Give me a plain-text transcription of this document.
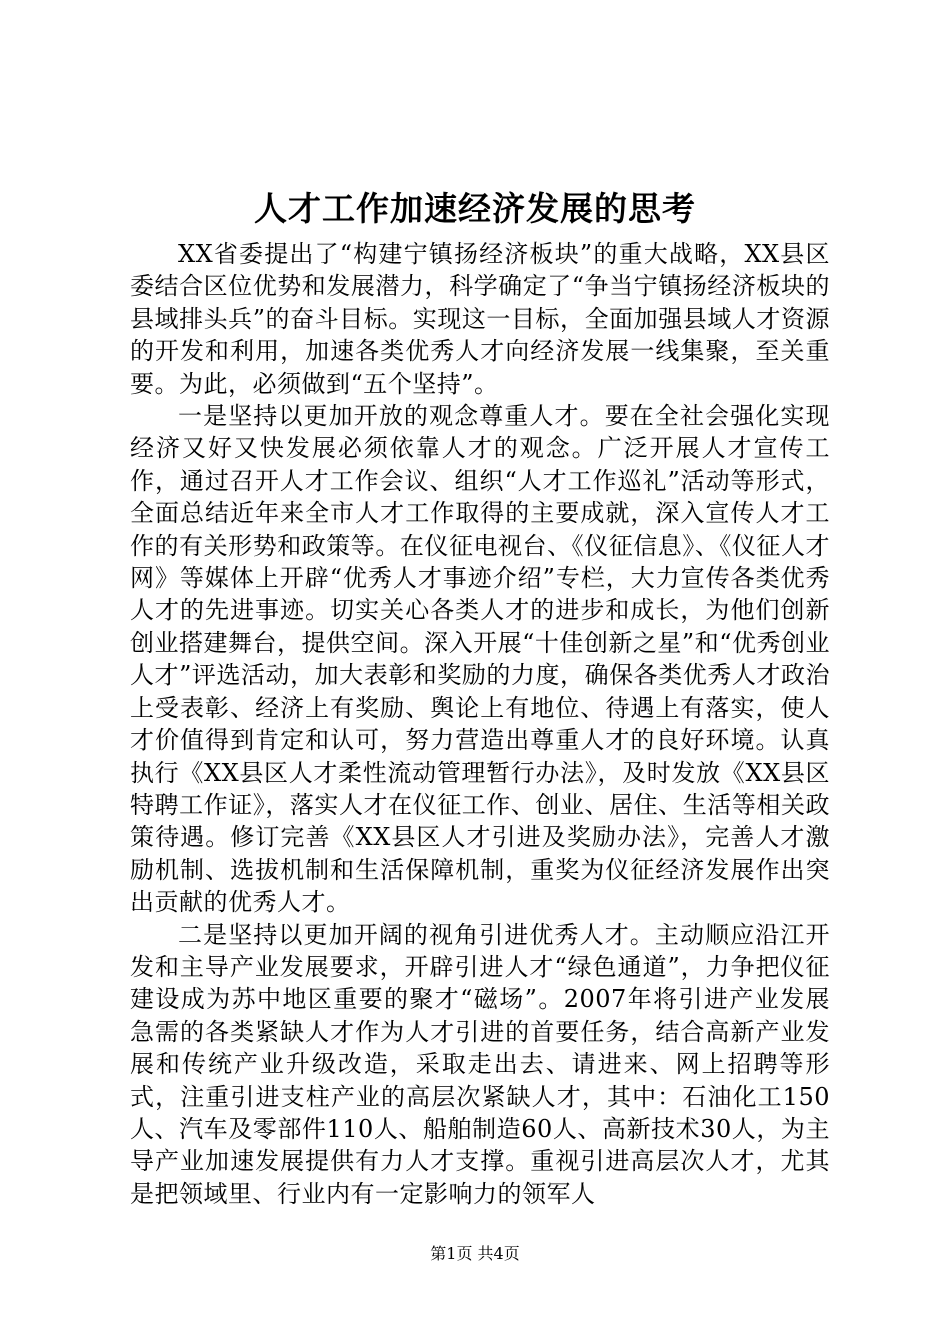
人才工作加速经济发展的思考

XX省委提出了“构建宁镇扬经济板块”的重大战略，XX县区委结合区位优势和发展潜力，科学确定了“争当宁镇扬经济板块的县域排头兵”的奋斗目标。实现这一目标，全面加强县域人才资源的开发和利用，加速各类优秀人才向经济发展一线集聚，至关重要。为此，必须做到“五个坚持”。

一是坚持以更加开放的观念尊重人才。要在全社会强化实现经济又好又快发展必须依靠人才的观念。广泛开展人才宣传工作，通过召开人才工作会议、组织“人才工作巡礼”活动等形式，全面总结近年来全市人才工作取得的主要成就，深入宣传人才工作的有关形势和政策等。在仪征电视台、《仪征信息》、《仪征人才网》等媒体上开辟“优秀人才事迹介绍”专栏，大力宣传各类优秀人才的先进事迹。切实关心各类人才的进步和成长，为他们创新创业搭建舞台，提供空间。深入开展“十佳创新之星”和“优秀创业人才”评选活动，加大表彰和奖励的力度，确保各类优秀人才政治上受表彰、经济上有奖励、舆论上有地位、待遇上有落实，使人才价值得到肯定和认可，努力营造出尊重人才的良好环境。认真执行《XX县区人才柔性流动管理暂行办法》，及时发放《XX县区特聘工作证》，落实人才在仪征工作、创业、居住、生活等相关政策待遇。修订完善《XX县区人才引进及奖励办法》，完善人才激励机制、选拔机制和生活保障机制，重奖为仪征经济发展作出突出贡献的优秀人才。

二是坚持以更加开阔的视角引进优秀人才。主动顺应沿江开发和主导产业发展要求，开辟引进人才“绿色通道”，力争把仪征建设成为苏中地区重要的聚才“磁场”。2007年将引进产业发展急需的各类紧缺人才作为人才引进的首要任务，结合高新产业发展和传统产业升级改造，采取走出去、请进来、网上招聘等形式，注重引进支柱产业的高层次紧缺人才，其中：石油化工150人、汽车及零部件110人、船舶制造60人、高新技术30人，为主导产业加速发展提供有力人才支撑。重视引进高层次人才，尤其是把领域里、行业内有一定影响力的领军人

第1页 共4页
